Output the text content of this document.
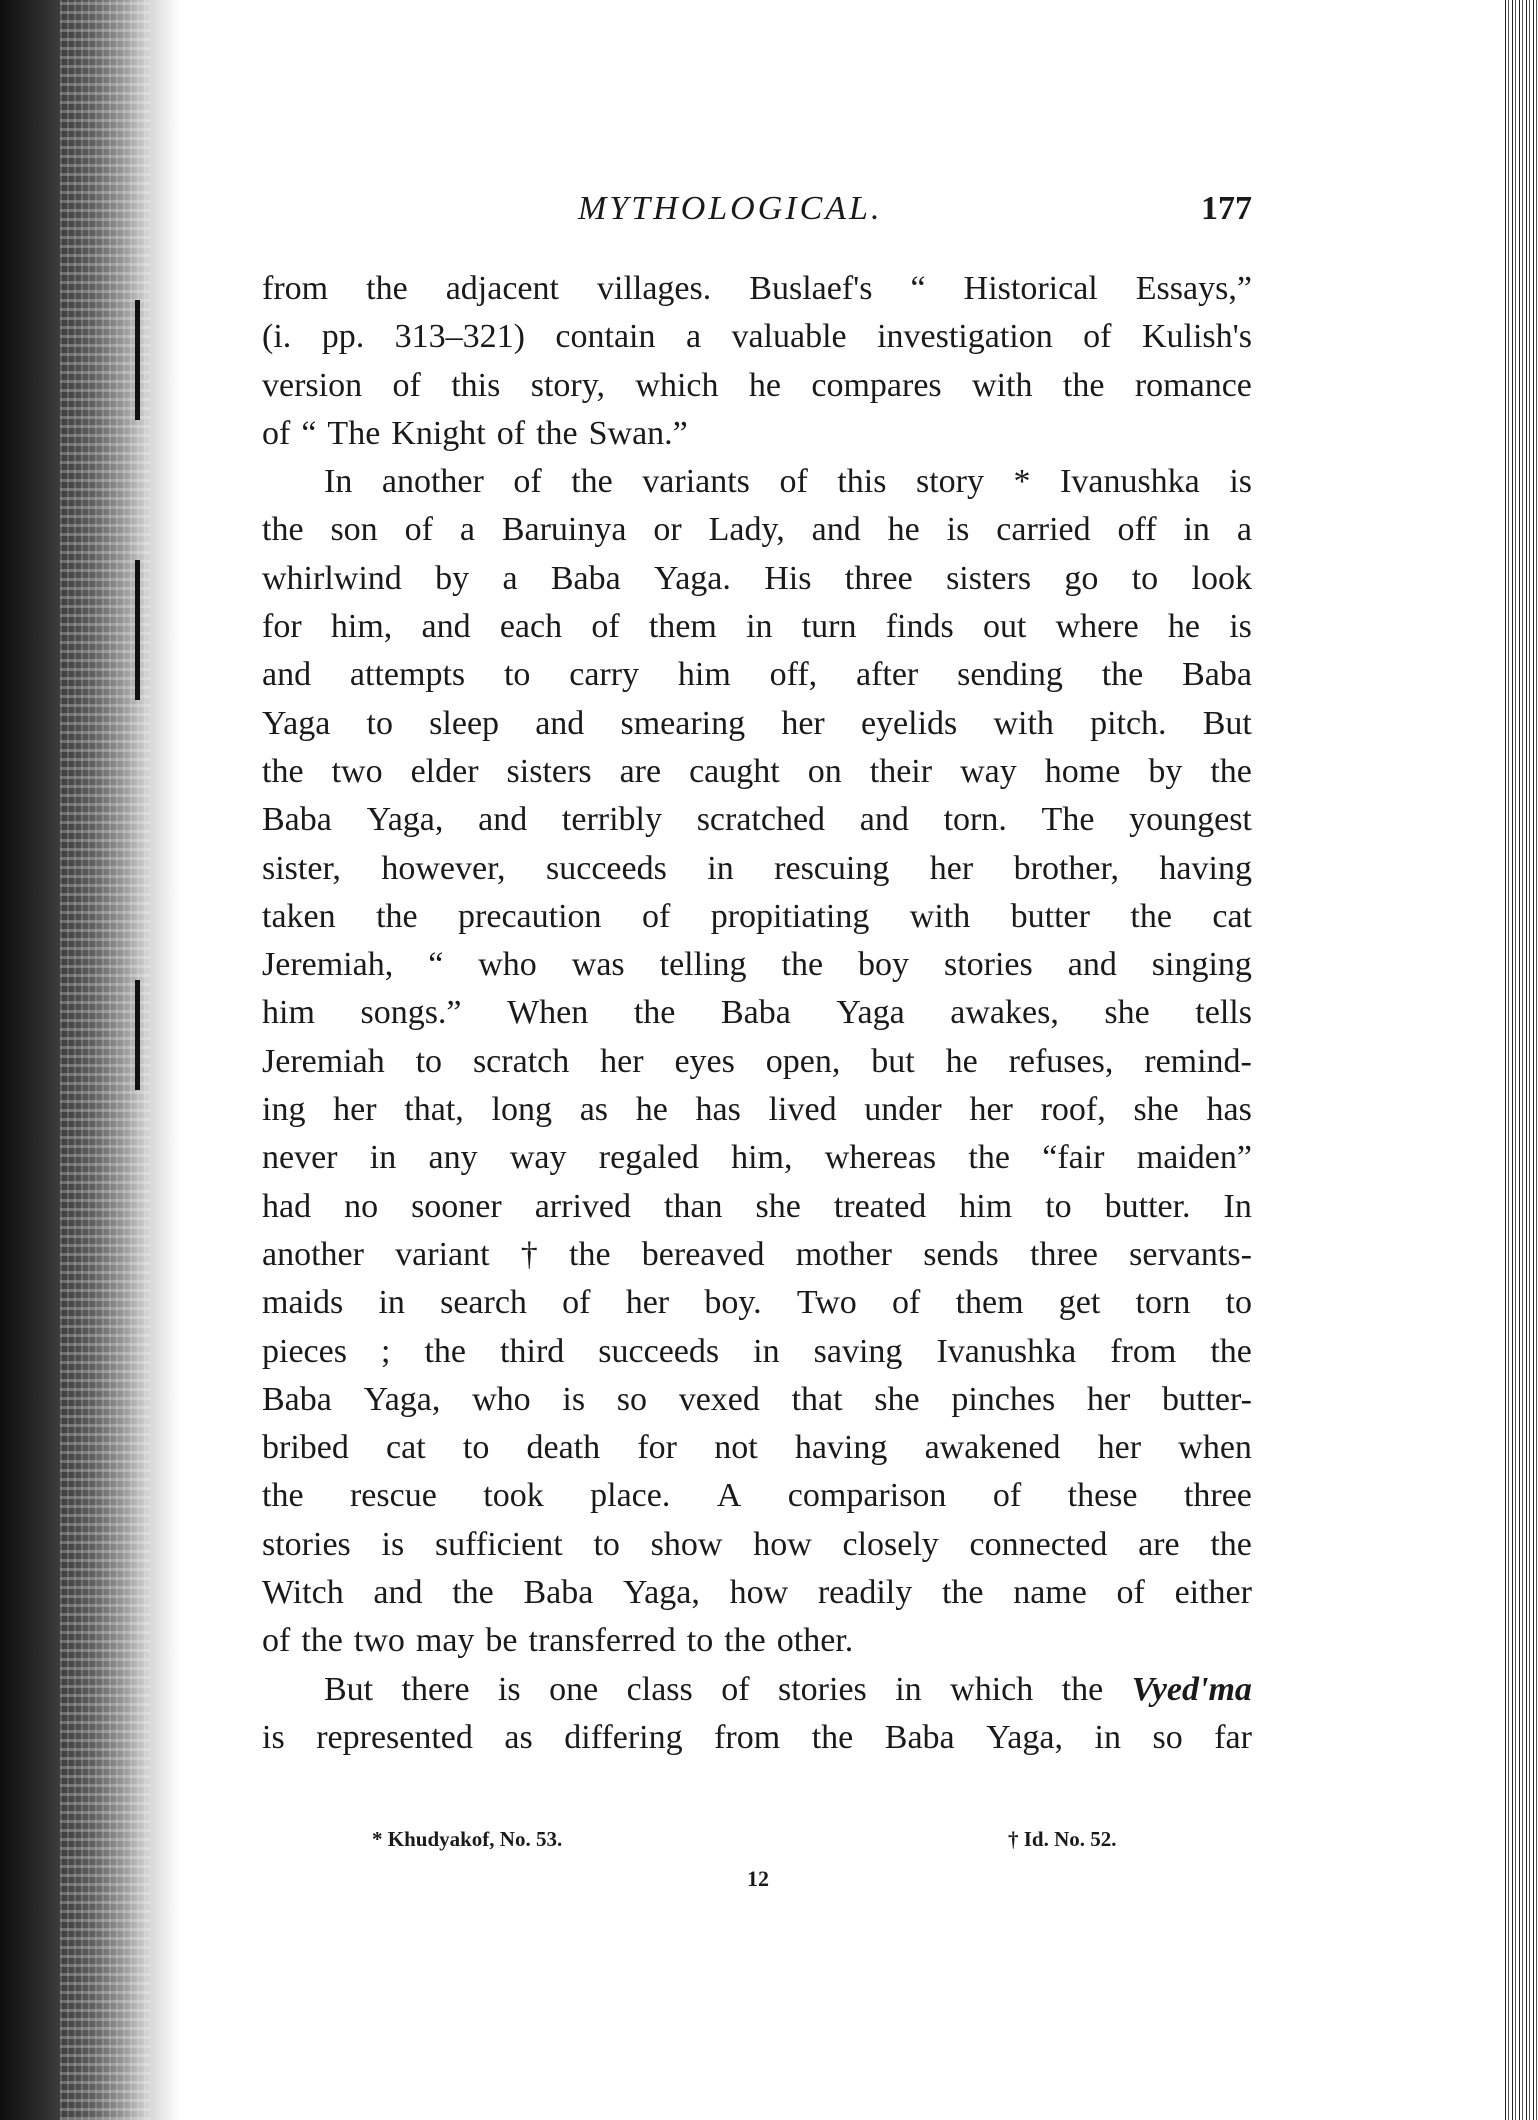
MYTHOLOGICAL.	177
from the adjacent villages. Buslaef's “ Historical Essays,”
(i. pp. 313–321) contain a valuable investigation of Kulish's
version of this story, which he compares with the romance
of “ The Knight of the Swan.”
In another of the variants of this story * Ivanushka is
the son of a Baruinya or Lady, and he is carried off in a
whirlwind by a Baba Yaga. His three sisters go to look
for him, and each of them in turn finds out where he is
and attempts to carry him off, after sending the Baba
Yaga to sleep and smearing her eyelids with pitch. But
the two elder sisters are caught on their way home by the
Baba Yaga, and terribly scratched and torn. The youngest
sister, however, succeeds in rescuing her brother, having
taken the precaution of propitiating with butter the cat
Jeremiah, “ who was telling the boy stories and singing
him songs.” When the Baba Yaga awakes, she tells
Jeremiah to scratch her eyes open, but he refuses, remind-
ing her that, long as he has lived under her roof, she has
never in any way regaled him, whereas the “fair maiden”
had no sooner arrived than she treated him to butter. In
another variant † the bereaved mother sends three servants-
maids in search of her boy. Two of them get torn to
pieces ; the third succeeds in saving Ivanushka from the
Baba Yaga, who is so vexed that she pinches her butter-
bribed cat to death for not having awakened her when
the rescue took place. A comparison of these three
stories is sufficient to show how closely connected are the
Witch and the Baba Yaga, how readily the name of either
of the two may be transferred to the other.
But there is one class of stories in which the Vyed'ma
is represented as differing from the Baba Yaga, in so far
* Khudyakof, No. 53.	† Id. No. 52.
12
